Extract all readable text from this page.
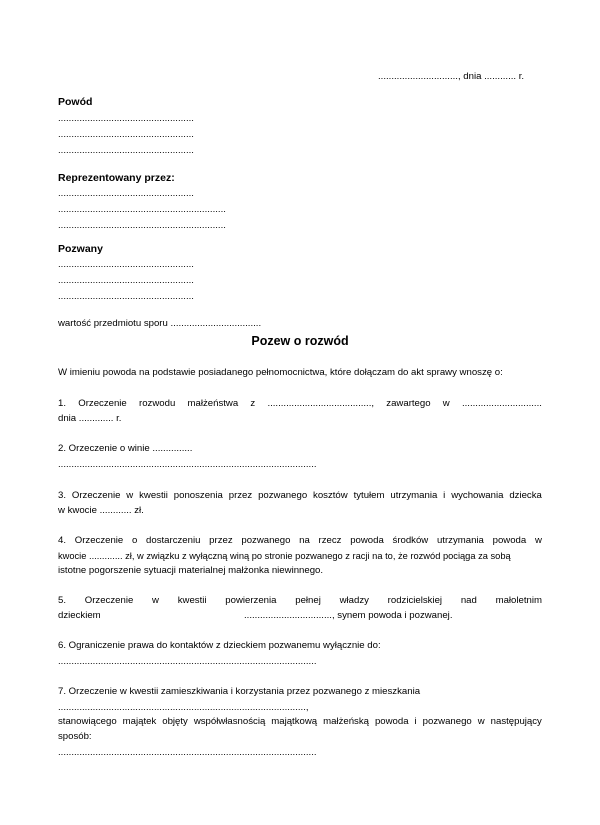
.............................., dnia ............ r.
Powód
...................................................
...................................................
...................................................
Reprezentowany przez:
...................................................
...............................................................
...............................................................
Pozwany
...................................................
...................................................
...................................................
wartość przedmiotu sporu ..................................
Pozew o rozwód
W imieniu powoda na podstawie posiadanego pełnomocnictwa, które dołączam do akt sprawy wnoszę o:
1. Orzeczenie rozwodu małżeństwa z ......................................., zawartego w ..............................
dnia ............. r.
2. Orzeczenie o winie ...............
.................................................................................................
3. Orzeczenie w kwestii ponoszenia przez pozwanego kosztów tytułem utrzymania i wychowania dziecka
w kwocie ............ zł.
4. Orzeczenie o dostarczeniu przez pozwanego na rzecz powoda środków utrzymania powoda w
kwocie ............. zł, w związku z wyłączną winą po stronie pozwanego z racji na to, że rozwód pociąga za sobą
istotne pogorszenie sytuacji materialnej małżonka niewinnego.
5. Orzeczenie w kwestii powierzenia pełnej władzy rodzicielskiej nad małoletnim
dzieckiem	................................., synem powoda i pozwanej.
6. Ograniczenie prawa do kontaktów z dzieckiem pozwanemu wyłącznie do:
.................................................................................................
7. Orzeczenie w kwestii zamieszkiwania i korzystania przez pozwanego z mieszkania
.............................................................................................,
stanowiącego majątek objęty współwłasnością majątkową małżeńską powoda i pozwanego w następujący
sposób:
.................................................................................................
